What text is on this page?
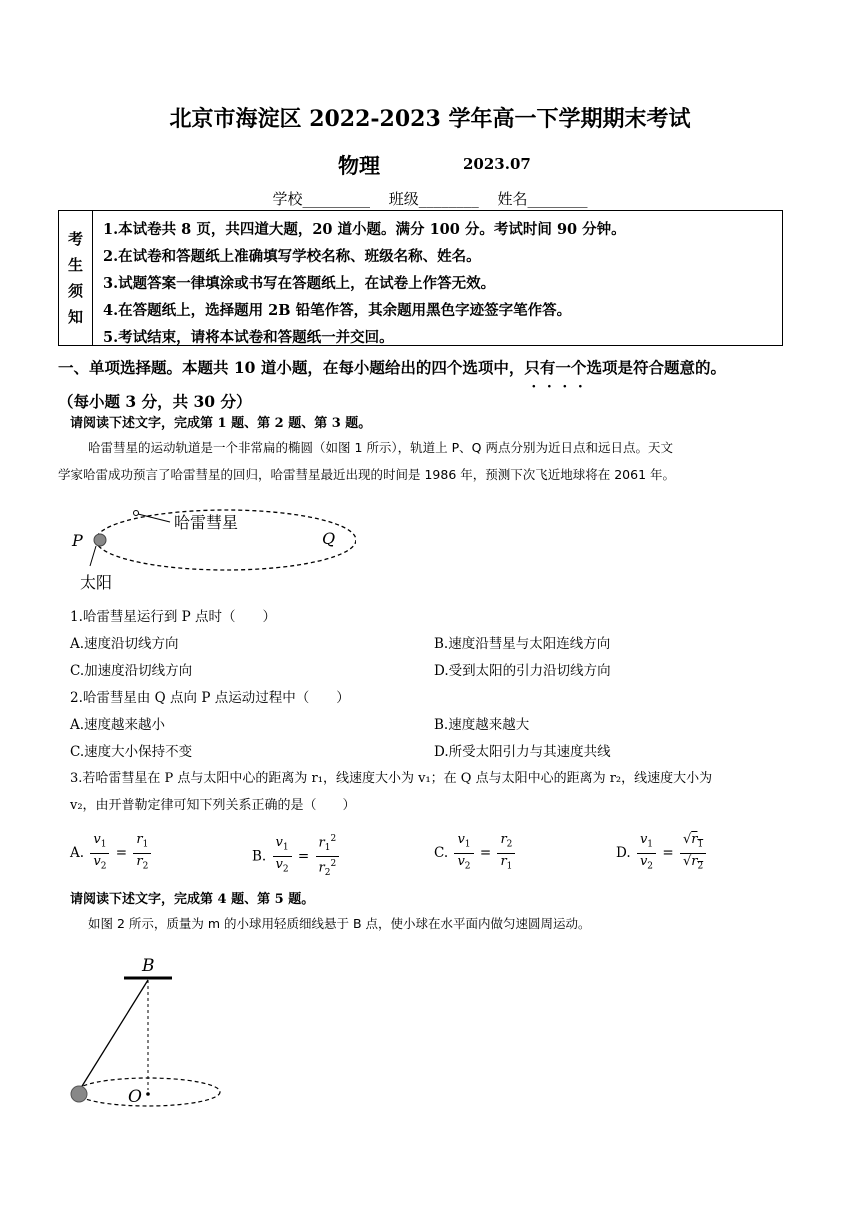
北京市海淀区 2022-2023 学年高一下学期期末考试
物理	2023.07
学校_________ 班级________ 姓名________
考
生
须
知
1.本试卷共 8 页，共四道大题，20 道小题。满分 100 分。考试时间 90 分钟。
2.在试卷和答题纸上准确填写学校名称、班级名称、姓名。
3.试题答案一律填涂或书写在答题纸上，在试卷上作答无效。
4.在答题纸上，选择题用 2B 铅笔作答，其余题用黑色字迹签字笔作答。
5.考试结束，请将本试卷和答题纸一并交回。
一、单项选择题。本题共 10 道小题，在每小题给出的四个选项中，只有一个选项是符合题意的。
（每小题 3 分，共 30 分）
请阅读下述文字，完成第 1 题、第 2 题、第 3 题。
哈雷彗星的运动轨道是一个非常扁的椭圆（如图 1 所示），轨道上 P、Q 两点分别为近日点和远日点。天文
学家哈雷成功预言了哈雷彗星的回归，哈雷彗星最近出现的时间是 1986 年，预测下次飞近地球将在 2061 年。
哈雷彗星
太阳
P	Q
1.哈雷彗星运行到 P 点时（　　）
A.速度沿切线方向	B.速度沿彗星与太阳连线方向
C.加速度沿切线方向	D.受到太阳的引力沿切线方向
2.哈雷彗星由 Q 点向 P 点运动过程中（　　）
A.速度越来越小	B.速度越来越大
C.速度大小保持不变	D.所受太阳引力与其速度共线
3.若哈雷彗星在 P 点与太阳中心的距离为 r₁，线速度大小为 v₁；在 Q 点与太阳中心的距离为 r₂，线速度大小为
v₂，由开普勒定律可知下列关系正确的是（　　）
A. $\frac{v_1}{v_2} = \frac{r_1}{r_2}$	B. $\frac{v_1}{v_2} = \frac{r_1^2}{r_2^2}$	C. $\frac{v_1}{v_2} = \frac{r_2}{r_1}$	D. $\frac{v_1}{v_2} = \frac{√r_1}{√r_2}$
请阅读下述文字，完成第 4 题、第 5 题。
如图 2 所示，质量为 m 的小球用轻质细线悬于 B 点，使小球在水平面内做匀速圆周运动。
B
O
